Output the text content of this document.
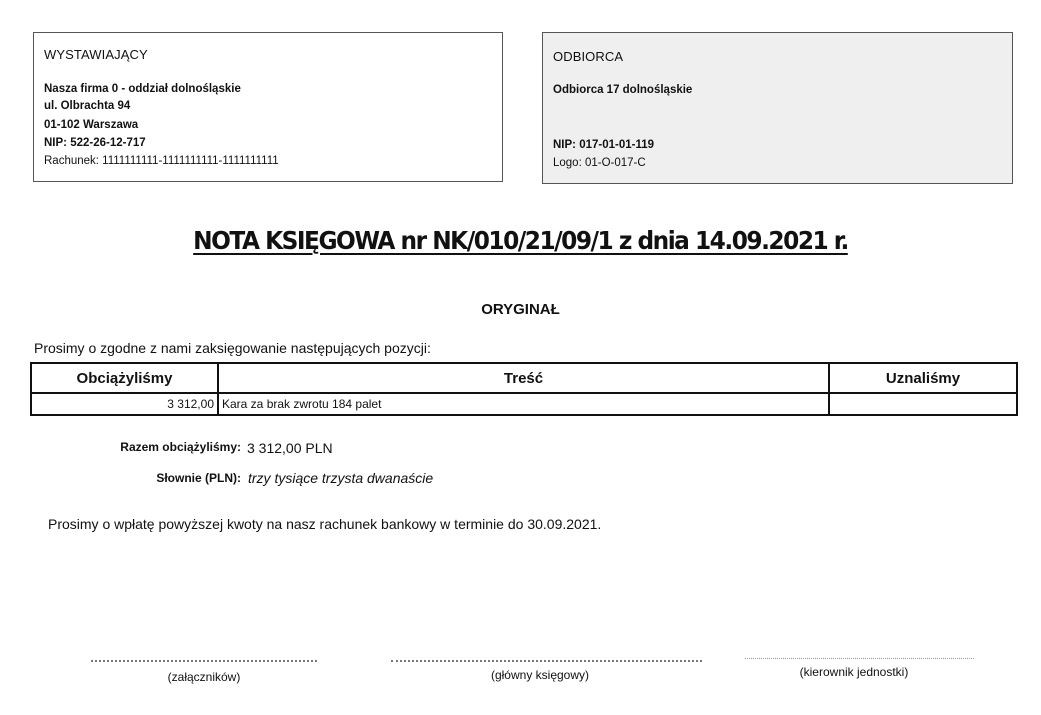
WYSTAWIAJĄCY
Nasza firma 0 - oddział dolnośląskie
ul. Olbrachta 94
01-102 Warszawa
NIP: 522-26-12-717
Rachunek: 1111111111-1111111111-1111111111
ODBIORCA
Odbiorca 17 dolnośląskie
NIP: 017-01-01-119
Logo: 01-O-017-C
NOTA KSIĘGOWA nr NK/010/21/09/1 z dnia 14.09.2021 r.
ORYGINAŁ
Prosimy o zgodne z nami zaksięgowanie następujących pozycji:
Obciążyliśmy	Treść	Uznaliśmy
3 312,00	Kara za brak zwrotu 184 palet	
Razem obciążyliśmy: 3 312,00 PLN
Słownie (PLN): trzy tysiące trzysta dwanaście
Prosimy o wpłatę powyższej kwoty na nasz rachunek bankowy w terminie do 30.09.2021.
(załączników)	(główny księgowy)	(kierownik jednostki)
